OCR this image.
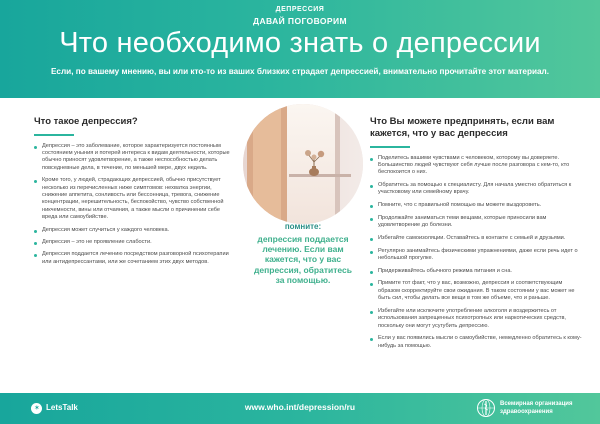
ДЕПРЕССИЯ
ДАВАЙ ПОГОВОРИМ
Что необходимо знать о депрессии
Если, по вашему мнению, вы или кто-то из ваших близких страдает депрессией, внимательно прочитайте этот материал.
Что такое депрессия?
Депрессия – это заболевание, которое характеризуется постоянным состоянием уныния и потерей интереса к видам деятельности, которые обычно приносят удовлетворение, а также неспособностью делать повседневные дела, в течение, по меньшей мере, двух недель.
Кроме того, у людей, страдающих депрессией, обычно присутствует несколько из перечисленных ниже симптомов: нехватка энергии, снижение аппетита, сонливость или бессонница, тревога, снижение концентрации, нерешительность, беспокойство, чувство собственной никчемности, вины или отчаяния, а также мысли о причинении себе вреда или самоубийстве.
Депрессия может случиться у каждого человека.
Депрессия – это не проявление слабости.
Депрессия поддается лечению посредством разговорной психотерапии или антидепрессантами, или же сочетанием этих двух методов.
помните:
депрессия поддается лечению. Если вам кажется, что у вас депрессия, обратитесь за помощью.
Что Вы можете предпринять, если вам кажется, что у вас депрессия
Поделитесь вашими чувствами с человеком, которому вы доверяете. Большинство людей чувствуют себя лучше после разговора с кем-то, кто беспокоится о них.
Обратитесь за помощью к специалисту. Для начала уместно обратиться к участковому или семейному врачу.
Помните, что с правильной помощью вы можете выздороветь.
Продолжайте заниматься теми вещами, которые приносили вам удовлетворение до болезни.
Избегайте самоизоляции. Оставайтесь в контакте с семьей и друзьями.
Регулярно занимайтесь физическими упражнениями, даже если речь идет о небольшой прогулке.
Придерживайтесь обычного режима питания и сна.
Примите тот факт, что у вас, возможно, депрессия и соответствующим образом скорректируйте свои ожидания. В таком состоянии у вас может не быть сил, чтобы делать все вещи в том же объеме, что и раньше.
Избегайте или исключите употребление алкоголя и воздержитесь от использования запрещенных психотропных или наркотических средств, поскольку они могут усугубить депрессию.
Если у вас появились мысли о самоубийстве, немедленно обратитесь к кому-нибудь за помощью.
✶ LetsTalk	www.who.int/depression/ru	Всемирная организация
здравоохранения
